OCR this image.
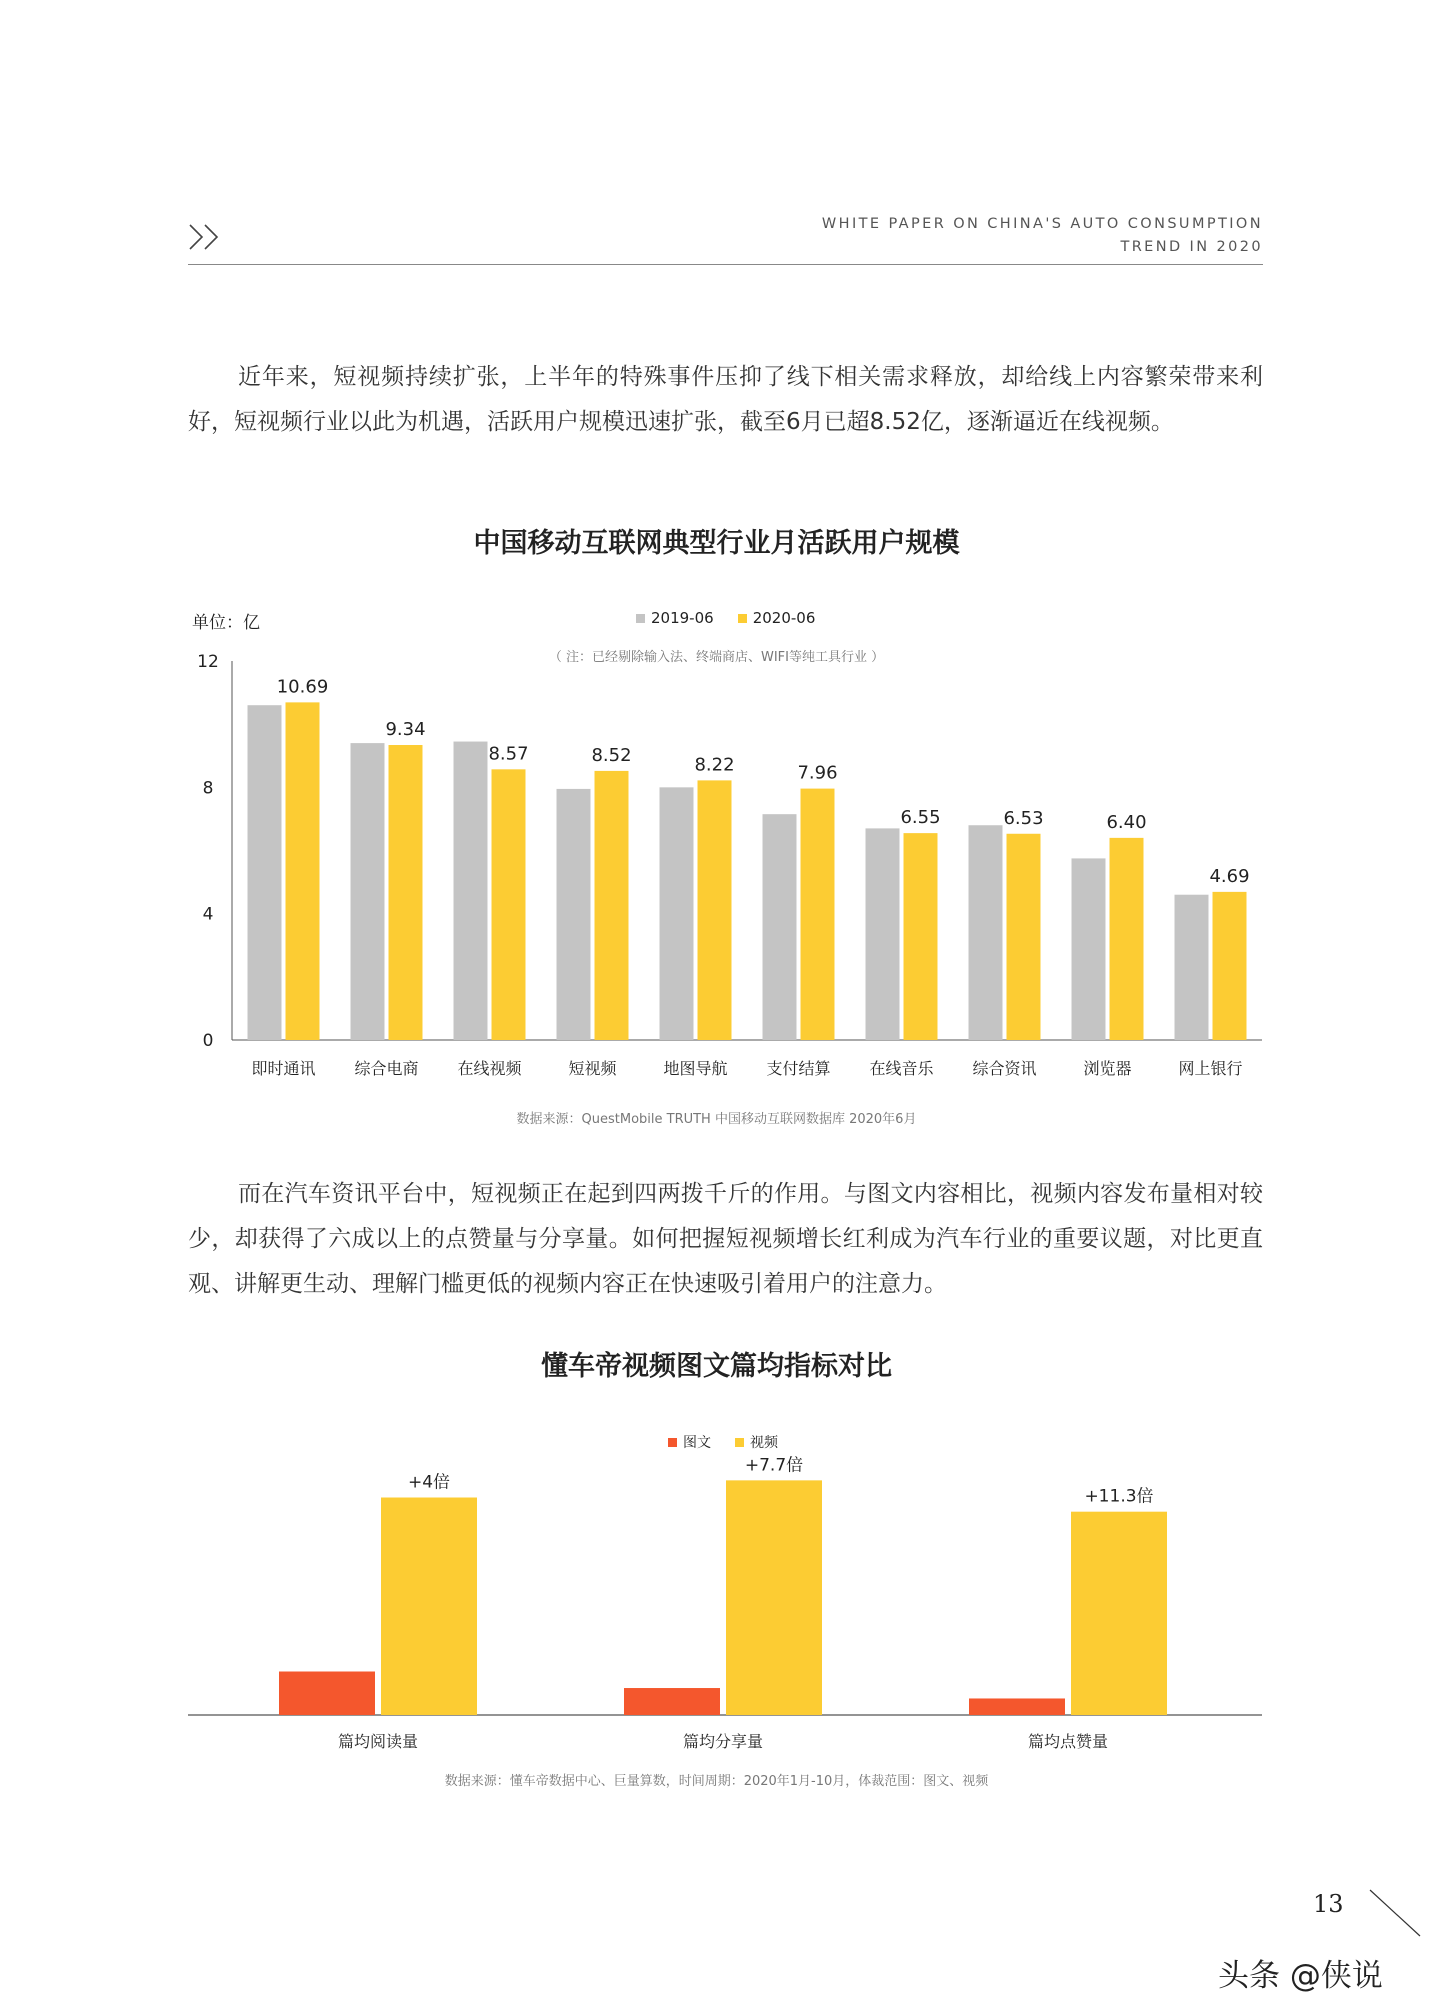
WHITE PAPER ON CHINA'S AUTO CONSUMPTION
TREND IN 2020
近年来，短视频持续扩张，上半年的特殊事件压抑了线下相关需求释放，却给线上内容繁荣带来利好，短视频行业以此为机遇，活跃用户规模迅速扩张，截至6月已超8.52亿，逐渐逼近在线视频。
中国移动互联网典型行业月活跃用户规模
单位：亿	2019-06	2020-06
（ 注：已经剔除输入法、终端商店、WIFI等纯工具行业 ）
0
4
8
12
10.69
即时通讯
9.34
综合电商
8.57
在线视频
8.52
短视频
8.22
地图导航
7.96
支付结算
6.55
在线音乐
6.53
综合资讯
6.40
浏览器
4.69
网上银行
数据来源：QuestMobile TRUTH 中国移动互联网数据库 2020年6月
而在汽车资讯平台中，短视频正在起到四两拨千斤的作用。与图文内容相比，视频内容发布量相对较少，却获得了六成以上的点赞量与分享量。如何把握短视频增长红利成为汽车行业的重要议题，对比更直观、讲解更生动、理解门槛更低的视频内容正在快速吸引着用户的注意力。
懂车帝视频图文篇均指标对比
图文	视频
+4倍
篇均阅读量
+7.7倍
篇均分享量
+11.3倍
篇均点赞量
数据来源：懂车帝数据中心、巨量算数，时间周期：2020年1月-10月，体裁范围：图文、视频
13
头条 @侠说
